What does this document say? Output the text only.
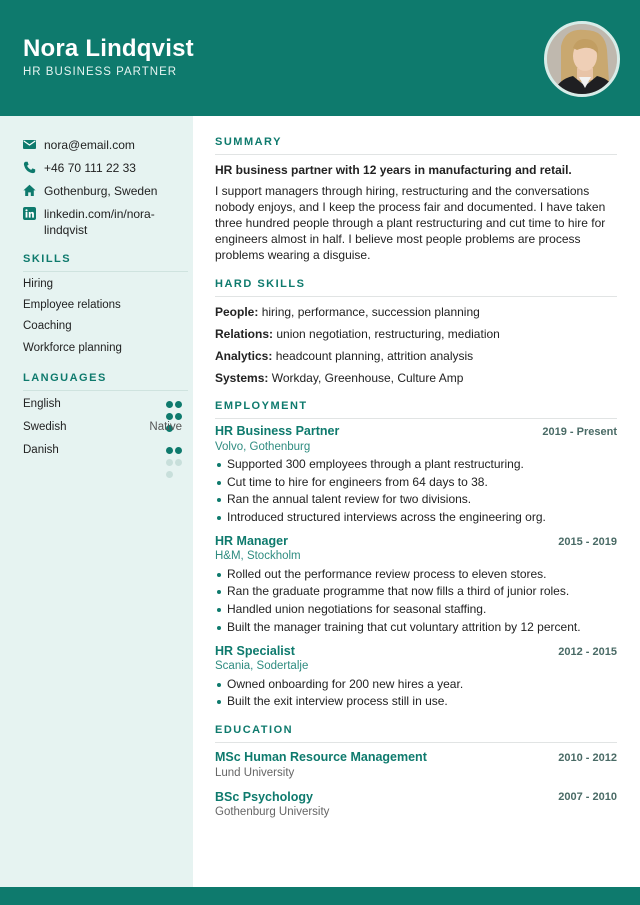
Nora Lindqvist
HR BUSINESS PARTNER
nora@email.com
+46 70 111 22 33
Gothenburg, Sweden
linkedin.com/in/nora-lindqvist
SKILLS
Hiring
Employee relations
Coaching
Workforce planning
LANGUAGES
English
Swedish	Native
Danish
SUMMARY
HR business partner with 12 years in manufacturing and retail.
I support managers through hiring, restructuring and the conversations nobody enjoys, and I keep the process fair and documented. I have taken three hundred people through a plant restructuring and cut time to hire for engineers almost in half. I believe most people problems are process problems wearing a disguise.
HARD SKILLS
People: hiring, performance, succession planning
Relations: union negotiation, restructuring, mediation
Analytics: headcount planning, attrition analysis
Systems: Workday, Greenhouse, Culture Amp
EMPLOYMENT
HR Business Partner	2019 - Present
Volvo, Gothenburg
Supported 300 employees through a plant restructuring.
Cut time to hire for engineers from 64 days to 38.
Ran the annual talent review for two divisions.
Introduced structured interviews across the engineering org.
HR Manager	2015 - 2019
H&M, Stockholm
Rolled out the performance review process to eleven stores.
Ran the graduate programme that now fills a third of junior roles.
Handled union negotiations for seasonal staffing.
Built the manager training that cut voluntary attrition by 12 percent.
HR Specialist	2012 - 2015
Scania, Sodertalje
Owned onboarding for 200 new hires a year.
Built the exit interview process still in use.
EDUCATION
MSc Human Resource Management	2010 - 2012
Lund University
BSc Psychology	2007 - 2010
Gothenburg University
